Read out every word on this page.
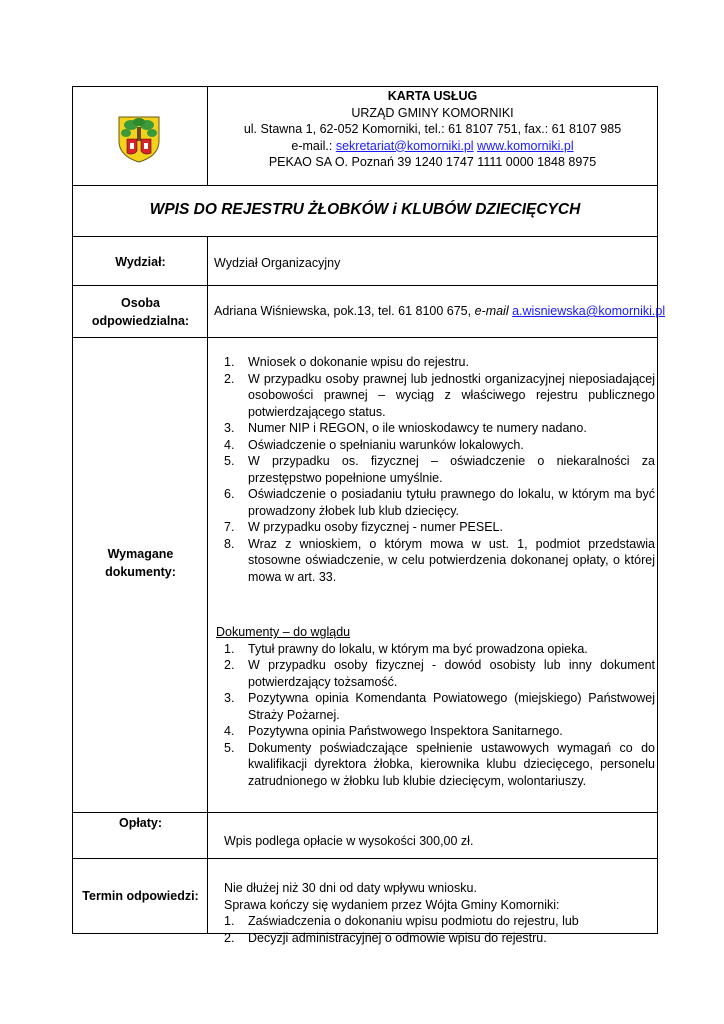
KARTA USŁUG
URZĄD GMINY KOMORNIKI
ul. Stawna 1, 62-052 Komorniki, tel.: 61 8107 751, fax.: 61 8107 985
e-mail.: sekretariat@komorniki.pl www.komorniki.pl
PEKAO SA O. Poznań 39 1240 1747 1111 0000 1848 8975
WPIS DO REJESTRU ŻŁOBKÓW i KLUBÓW DZIECIĘCYCH
Wydział:	Wydział Organizacyjny
Osoba
odpowiedzialna:
Adriana Wiśniewska, pok.13, tel. 61 8100 675, e-mail a.wisniewska@komorniki.pl
Wymagane
dokumenty:
1. Wniosek o dokonanie wpisu do rejestru.
2. W przypadku osoby prawnej lub jednostki organizacyjnej nieposiadającej osobowości prawnej – wyciąg z właściwego rejestru publicznego potwierdzającego status.
3. Numer NIP i REGON, o ile wnioskodawcy te numery nadano.
4. Oświadczenie o spełnianiu warunków lokalowych.
5. W przypadku os. fizycznej – oświadczenie o niekaralności za przestępstwo popełnione umyślnie.
6. Oświadczenie o posiadaniu tytułu prawnego do lokalu, w którym ma być prowadzony żłobek lub klub dziecięcy.
7. W przypadku osoby fizycznej - numer PESEL.
8. Wraz z wnioskiem, o którym mowa w ust. 1, podmiot przedstawia stosowne oświadczenie, w celu potwierdzenia dokonanej opłaty, o której mowa w art. 33.
Dokumenty – do wglądu
1. Tytuł prawny do lokalu, w którym ma być prowadzona opieka.
2. W przypadku osoby fizycznej - dowód osobisty lub inny dokument potwierdzający tożsamość.
3. Pozytywna opinia Komendanta Powiatowego (miejskiego) Państwowej Straży Pożarnej.
4. Pozytywna opinia Państwowego Inspektora Sanitarnego.
5. Dokumenty poświadczające spełnienie ustawowych wymagań co do kwalifikacji dyrektora żłobka, kierownika klubu dziecięcego, personelu zatrudnionego w żłobku lub klubie dziecięcym, wolontariuszy.
Opłaty:
Wpis podlega opłacie w wysokości 300,00 zł.
Termin odpowiedzi:
Nie dłużej niż 30 dni od daty wpływu wniosku.
Sprawa kończy się wydaniem przez Wójta Gminy Komorniki:
1. Zaświadczenia o dokonaniu wpisu podmiotu do rejestru, lub
2. Decyzji administracyjnej o odmowie wpisu do rejestru.
